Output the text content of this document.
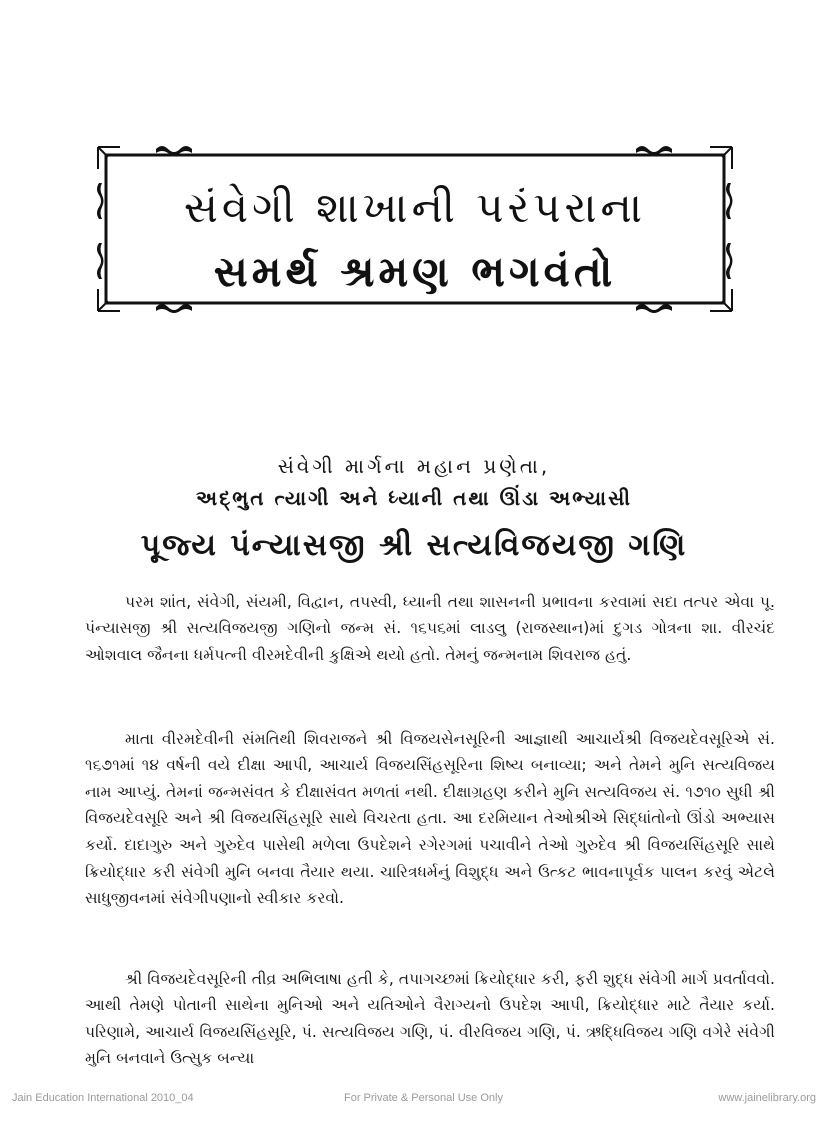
સંવેગી શાખાની પરંપરાના
સમર્થ શ્રમણ ભગવંતો
સંવેગી માર્ગના મહાન પ્રણેતા,
અદ્ભુત ત્યાગી અને ધ્યાની તથા ઊંડા અભ્યાસી
પૂજ્ય પંન્યાસજી શ્રી સત્યવિજયજી ગણિ

પરમ શાંત, સંવેગી, સંયમી, વિદ્વાન, તપસ્વી, ધ્યાની તથા શાસનની પ્રભાવના કરવામાં સદા તત્પર એવા પૂ. પંન્યાસજી શ્રી સત્યવિજયજી ગણિનો જન્મ સં. ૧૬૫૬માં લાડલુ (રાજસ્થાન)માં દુગડ ગોત્રના શા. વીરચંદ ઓશવાલ જૈનના ધર્મપત્ની વીરમદેવીની કુક્ષિએ થયો હતો. તેમનું જન્મનામ શિવરાજ હતું.

માતા વીરમદેવીની સંમતિથી શિવરાજને શ્રી વિજયસેનસૂરિની આજ્ઞાથી આચાર્યશ્રી વિજયદેવસૂરિએ સં. ૧૬૭૧માં ૧૪ વર્ષની વયે દીક્ષા આપી, આચાર્ય વિજયસિંહસૂરિના શિષ્ય બનાવ્યા; અને તેમને મુનિ સત્યવિજય નામ આપ્યું. તેમનાં જન્મસંવત કે દીક્ષાસંવત મળતાં નથી. દીક્ષાગ્રહણ કરીને મુનિ સત્યવિજય સં. ૧૭૧૦ સુધી શ્રી વિજયદેવસૂરિ અને શ્રી વિજયસિંહસૂરિ સાથે વિચરતા હતા. આ દરમિયાન તેઓશ્રીએ સિદ્ધાંતોનો ઊંડો અભ્યાસ કર્યો. દાદાગુરુ અને ગુરુદેવ પાસેથી મળેલા ઉપદેશને રગેરગમાં પચાવીને તેઓ ગુરુદેવ શ્રી વિજયસિંહસૂરિ સાથે ક્રિયોદ્ધાર કરી સંવેગી મુનિ બનવા તૈયાર થયા. ચારિત્રધર્મનું વિશુદ્ધ અને ઉત્કટ ભાવનાપૂર્વક પાલન કરવું એટલે સાધુજીવનમાં સંવેગીપણાનો સ્વીકાર કરવો.

શ્રી વિજયદેવસૂરિની તીવ્ર અભિલાષા હતી કે, તપાગચ્છમાં ક્રિયોદ્ધાર કરી, ફરી શુદ્ધ સંવેગી માર્ગ પ્રવર્તાવવો. આથી તેમણે પોતાની સાથેના મુનિઓ અને યતિઓને વૈરાગ્યનો ઉપદેશ આપી, ક્રિયોદ્ધાર માટે તૈયાર કર્યા. પરિણામે, આચાર્ય વિજયસિંહસૂરિ, પં. સત્યવિજય ગણિ, પં. વીરવિજય ગણિ, પં. ઋદ્ધિવિજય ગણિ વગેરે સંવેગી મુનિ બનવાને ઉત્સુક બન્યા

Jain Education International 2010_04	For Private & Personal Use Only	www.jainelibrary.org
